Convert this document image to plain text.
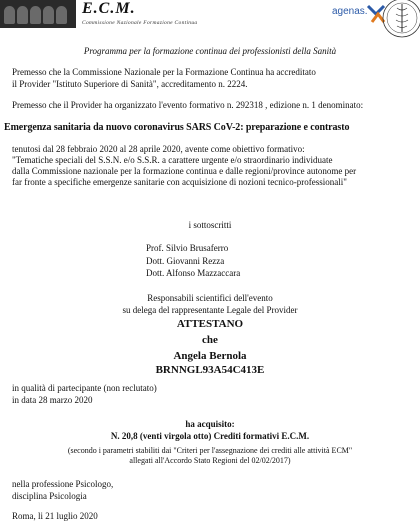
E.C.M.
Commissione Nazionale Formazione Continua
agenas.
Programma per la formazione continua dei professionisti della Sanità
Premesso che la Commissione Nazionale per la Formazione Continua ha accreditato
il Provider "Istituto Superiore di Sanità", accreditamento n. 2224.
Premesso che il Provider ha organizzato l'evento formativo n. 292318 , edizione n. 1 denominato:
Emergenza sanitaria da nuovo coronavirus SARS CoV-2: preparazione e contrasto
tenutosi dal 28 febbraio 2020 al 28 aprile 2020, avente come obiettivo formativo:
"Tematiche speciali del S.S.N. e/o S.S.R. a carattere urgente e/o straordinario individuate
dalla Commissione nazionale per la formazione continua e dalle regioni/province autonome per
far fronte a specifiche emergenze sanitarie con acquisizione di nozioni tecnico-professionali"
i sottoscritti
Prof. Silvio Brusaferro
Dott. Giovanni Rezza
Dott. Alfonso Mazzaccara
Responsabili scientifici dell'evento
su delega del rappresentante Legale del Provider
ATTESTANO
che
Angela Bernola
BRNNGL93A54C413E
in qualità di partecipante (non reclutato)
in data 28 marzo 2020
ha acquisito:
N. 20,8 (venti virgola otto) Crediti formativi E.C.M.
(secondo i parametri stabiliti dai "Criteri per l'assegnazione dei crediti alle attività ECM"
allegati all'Accordo Stato Regioni del 02/02/2017)
nella professione Psicologo,
disciplina Psicologia
Roma, li 21 luglio 2020
